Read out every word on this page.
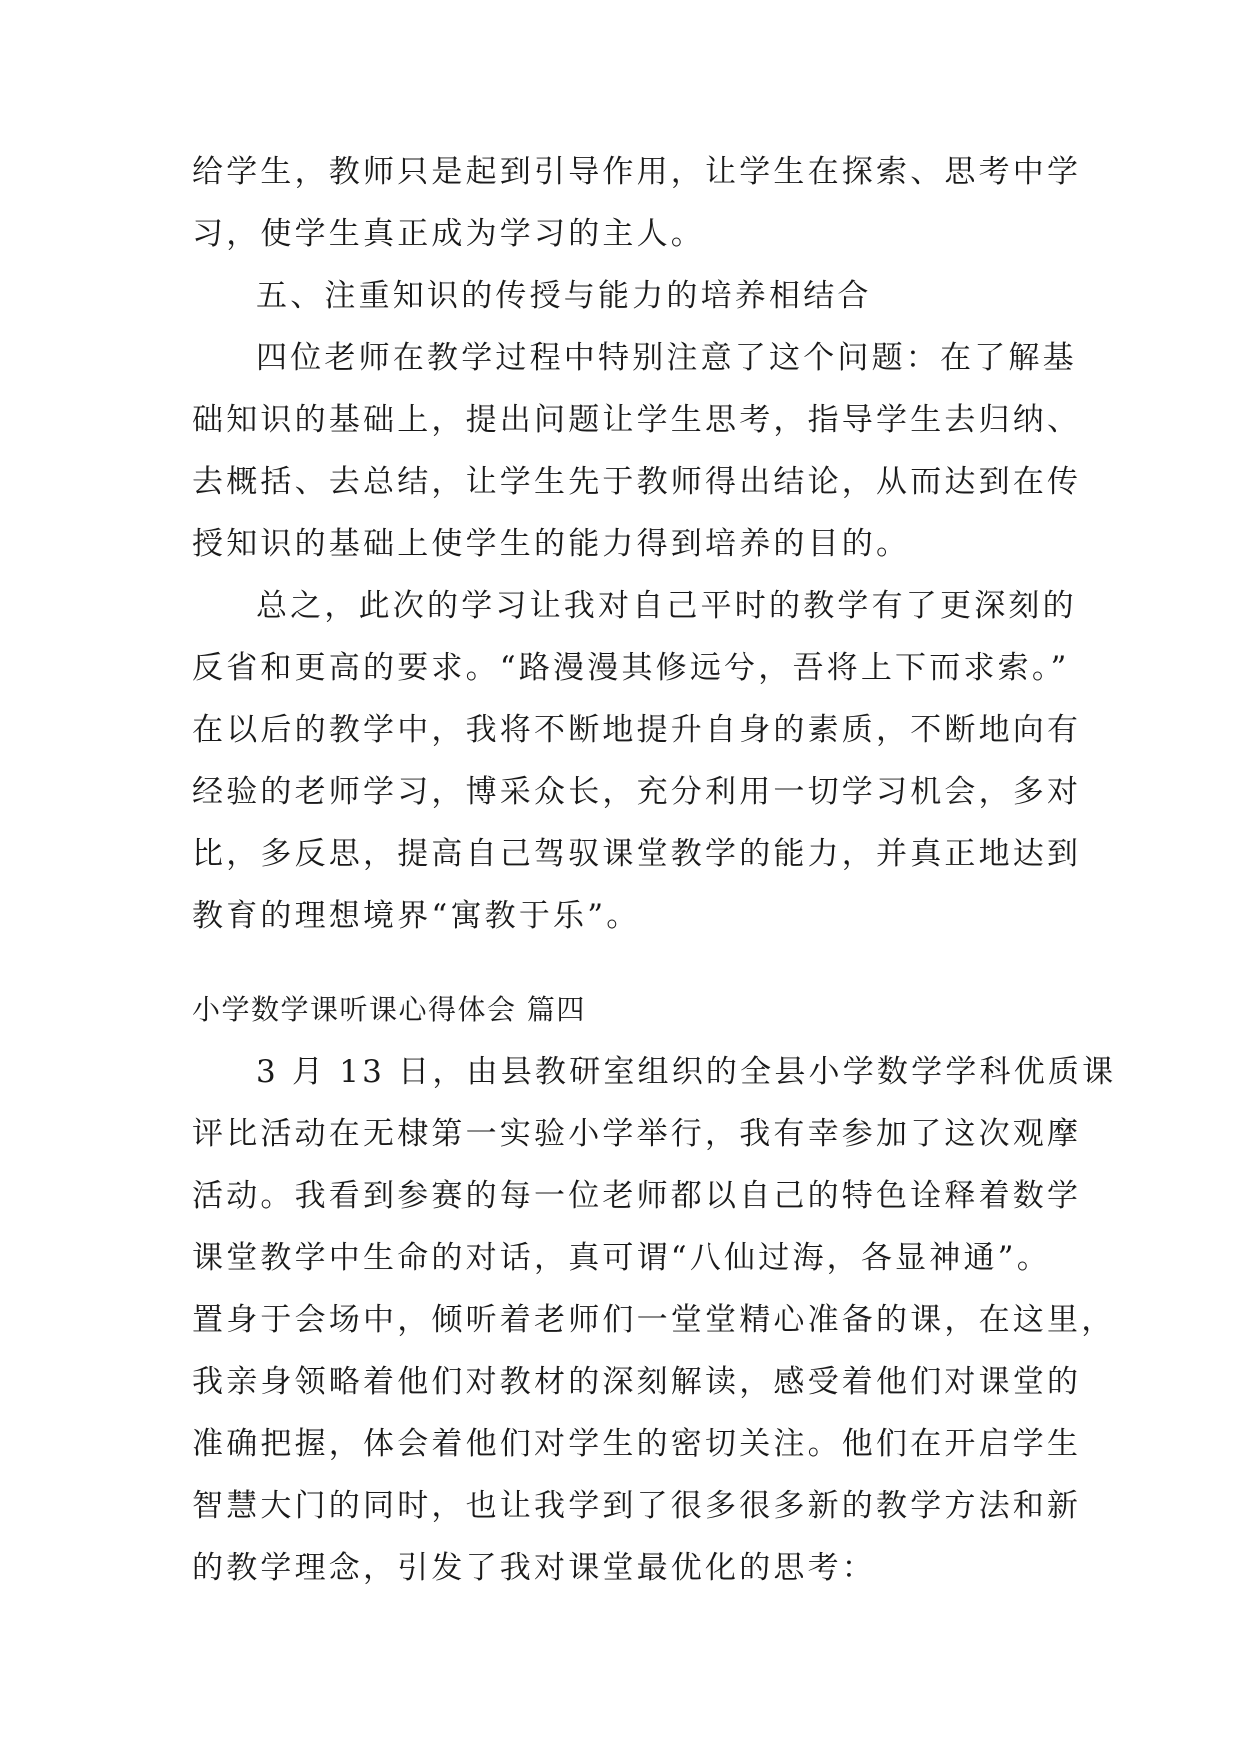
给学生，教师只是起到引导作用，让学生在探索、思考中学
习，使学生真正成为学习的主人。
五、注重知识的传授与能力的培养相结合
四位老师在教学过程中特别注意了这个问题：在了解基
础知识的基础上，提出问题让学生思考，指导学生去归纳、
去概括、去总结，让学生先于教师得出结论，从而达到在传
授知识的基础上使学生的能力得到培养的目的。
总之，此次的学习让我对自己平时的教学有了更深刻的
反省和更高的要求。“路漫漫其修远兮，吾将上下而求索。”
在以后的教学中，我将不断地提升自身的素质，不断地向有
经验的老师学习，博采众长，充分利用一切学习机会，多对
比，多反思，提高自己驾驭课堂教学的能力，并真正地达到
教育的理想境界“寓教于乐”。
小学数学课听课心得体会 篇四
3 月 13 日，由县教研室组织的全县小学数学学科优质课
评比活动在无棣第一实验小学举行，我有幸参加了这次观摩
活动。我看到参赛的每一位老师都以自己的特色诠释着数学
课堂教学中生命的对话，真可谓“八仙过海，各显神通”。
置身于会场中，倾听着老师们一堂堂精心准备的课，在这里，
我亲身领略着他们对教材的深刻解读，感受着他们对课堂的
准确把握，体会着他们对学生的密切关注。他们在开启学生
智慧大门的同时，也让我学到了很多很多新的教学方法和新
的教学理念，引发了我对课堂最优化的思考：
